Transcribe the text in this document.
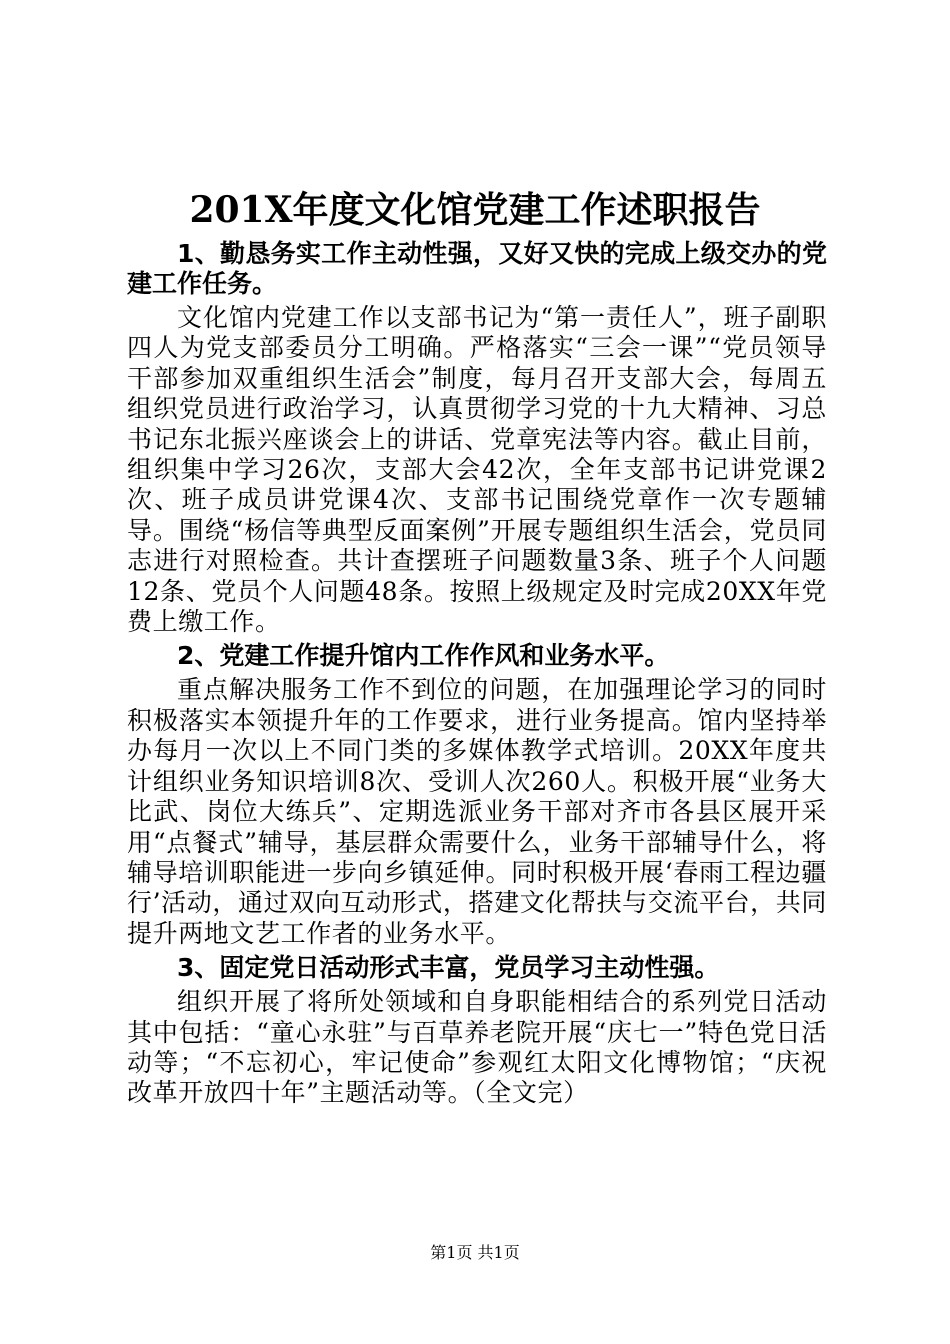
201X年度文化馆党建工作述职报告
1、勤恳务实工作主动性强，又好又快的完成上级交办的党建工作任务。
文化馆内党建工作以支部书记为“第一责任人”，班子副职四人为党支部委员分工明确。严格落实“三会一课”“党员领导干部参加双重组织生活会”制度，每月召开支部大会，每周五组织党员进行政治学习，认真贯彻学习党的十九大精神、习总书记东北振兴座谈会上的讲话、党章宪法等内容。截止目前，组织集中学习26次，支部大会42次，全年支部书记讲党课2次、班子成员讲党课4次、支部书记围绕党章作一次专题辅导。围绕“杨信等典型反面案例”开展专题组织生活会，党员同志进行对照检查。共计查摆班子问题数量3条、班子个人问题12条、党员个人问题48条。按照上级规定及时完成20XX年党费上缴工作。
2、党建工作提升馆内工作作风和业务水平。
重点解决服务工作不到位的问题，在加强理论学习的同时积极落实本领提升年的工作要求，进行业务提高。馆内坚持举办每月一次以上不同门类的多媒体教学式培训。20XX年度共计组织业务知识培训8次、受训人次260人。积极开展“业务大比武、岗位大练兵”、定期选派业务干部对齐市各县区展开采用“点餐式”辅导，基层群众需要什么，业务干部辅导什么，将辅导培训职能进一步向乡镇延伸。同时积极开展‘春雨工程边疆行’活动，通过双向互动形式，搭建文化帮扶与交流平台，共同提升两地文艺工作者的业务水平。
3、固定党日活动形式丰富，党员学习主动性强。
组织开展了将所处领域和自身职能相结合的系列党日活动其中包括：“童心永驻”与百草养老院开展“庆七一”特色党日活动等；“不忘初心，牢记使命”参观红太阳文化博物馆；“庆祝改革开放四十年”主题活动等。（全文完）
第1页 共1页
